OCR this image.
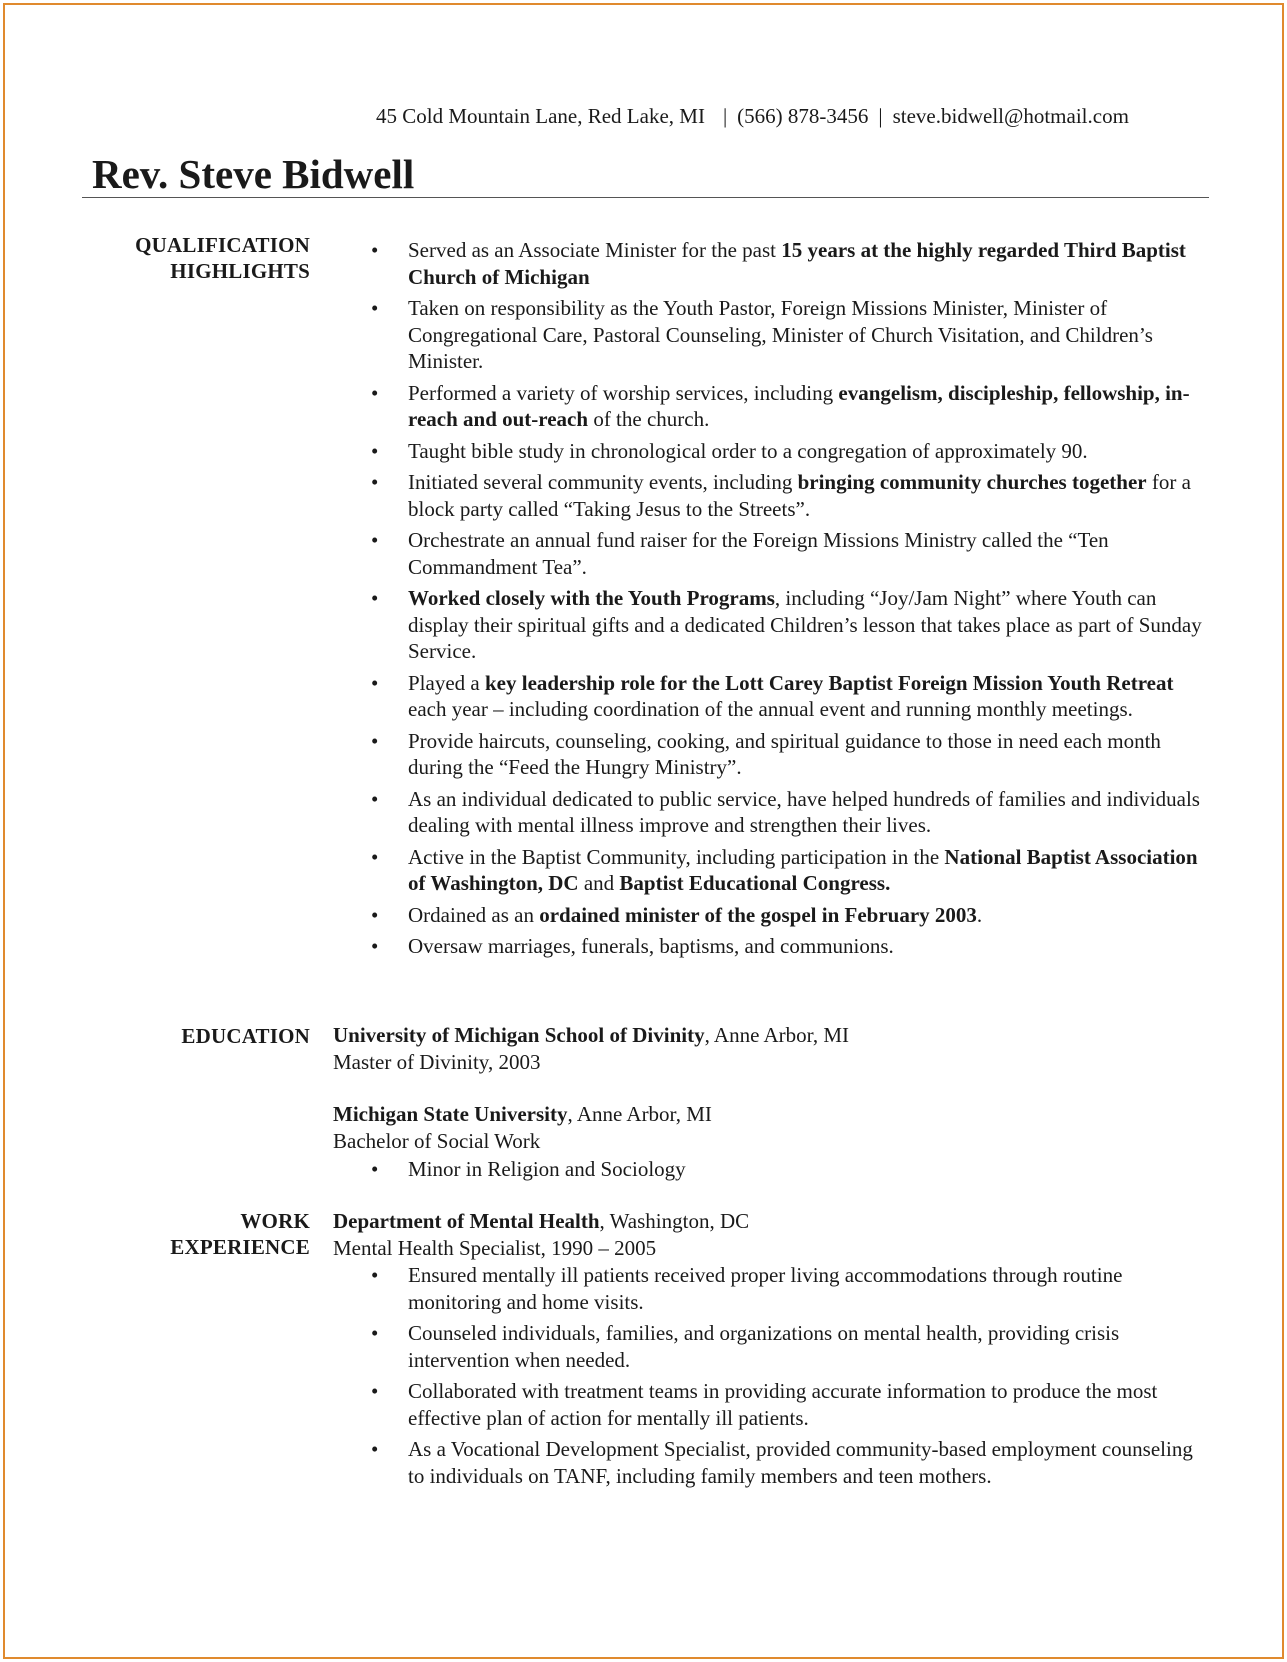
45 Cold Mountain Lane, Red Lake, MI | (566) 878-3456 | steve.bidwell@hotmail.com
Rev. Steve Bidwell
QUALIFICATION
HIGHLIGHTS
• Served as an Associate Minister for the past 15 years at the highly regarded Third Baptist Church of Michigan
• Taken on responsibility as the Youth Pastor, Foreign Missions Minister, Minister of Congregational Care, Pastoral Counseling, Minister of Church Visitation, and Children’s Minister.
• Performed a variety of worship services, including evangelism, discipleship, fellowship, in-reach and out-reach of the church.
• Taught bible study in chronological order to a congregation of approximately 90.
• Initiated several community events, including bringing community churches together for a block party called “Taking Jesus to the Streets”.
• Orchestrate an annual fund raiser for the Foreign Missions Ministry called the “Ten Commandment Tea”.
• Worked closely with the Youth Programs, including “Joy/Jam Night” where Youth can display their spiritual gifts and a dedicated Children’s lesson that takes place as part of Sunday Service.
• Played a key leadership role for the Lott Carey Baptist Foreign Mission Youth Retreat each year – including coordination of the annual event and running monthly meetings.
• Provide haircuts, counseling, cooking, and spiritual guidance to those in need each month during the “Feed the Hungry Ministry”.
• As an individual dedicated to public service, have helped hundreds of families and individuals dealing with mental illness improve and strengthen their lives.
• Active in the Baptist Community, including participation in the National Baptist Association of Washington, DC and Baptist Educational Congress.
• Ordained as an ordained minister of the gospel in February 2003.
• Oversaw marriages, funerals, baptisms, and communions.
EDUCATION University of Michigan School of Divinity, Anne Arbor, MI
Master of Divinity, 2003
Michigan State University, Anne Arbor, MI
Bachelor of Social Work
• Minor in Religion and Sociology
WORK
EXPERIENCE
Department of Mental Health, Washington, DC
Mental Health Specialist, 1990 – 2005
• Ensured mentally ill patients received proper living accommodations through routine monitoring and home visits.
• Counseled individuals, families, and organizations on mental health, providing crisis intervention when needed.
• Collaborated with treatment teams in providing accurate information to produce the most effective plan of action for mentally ill patients.
• As a Vocational Development Specialist, provided community-based employment counseling to individuals on TANF, including family members and teen mothers.
